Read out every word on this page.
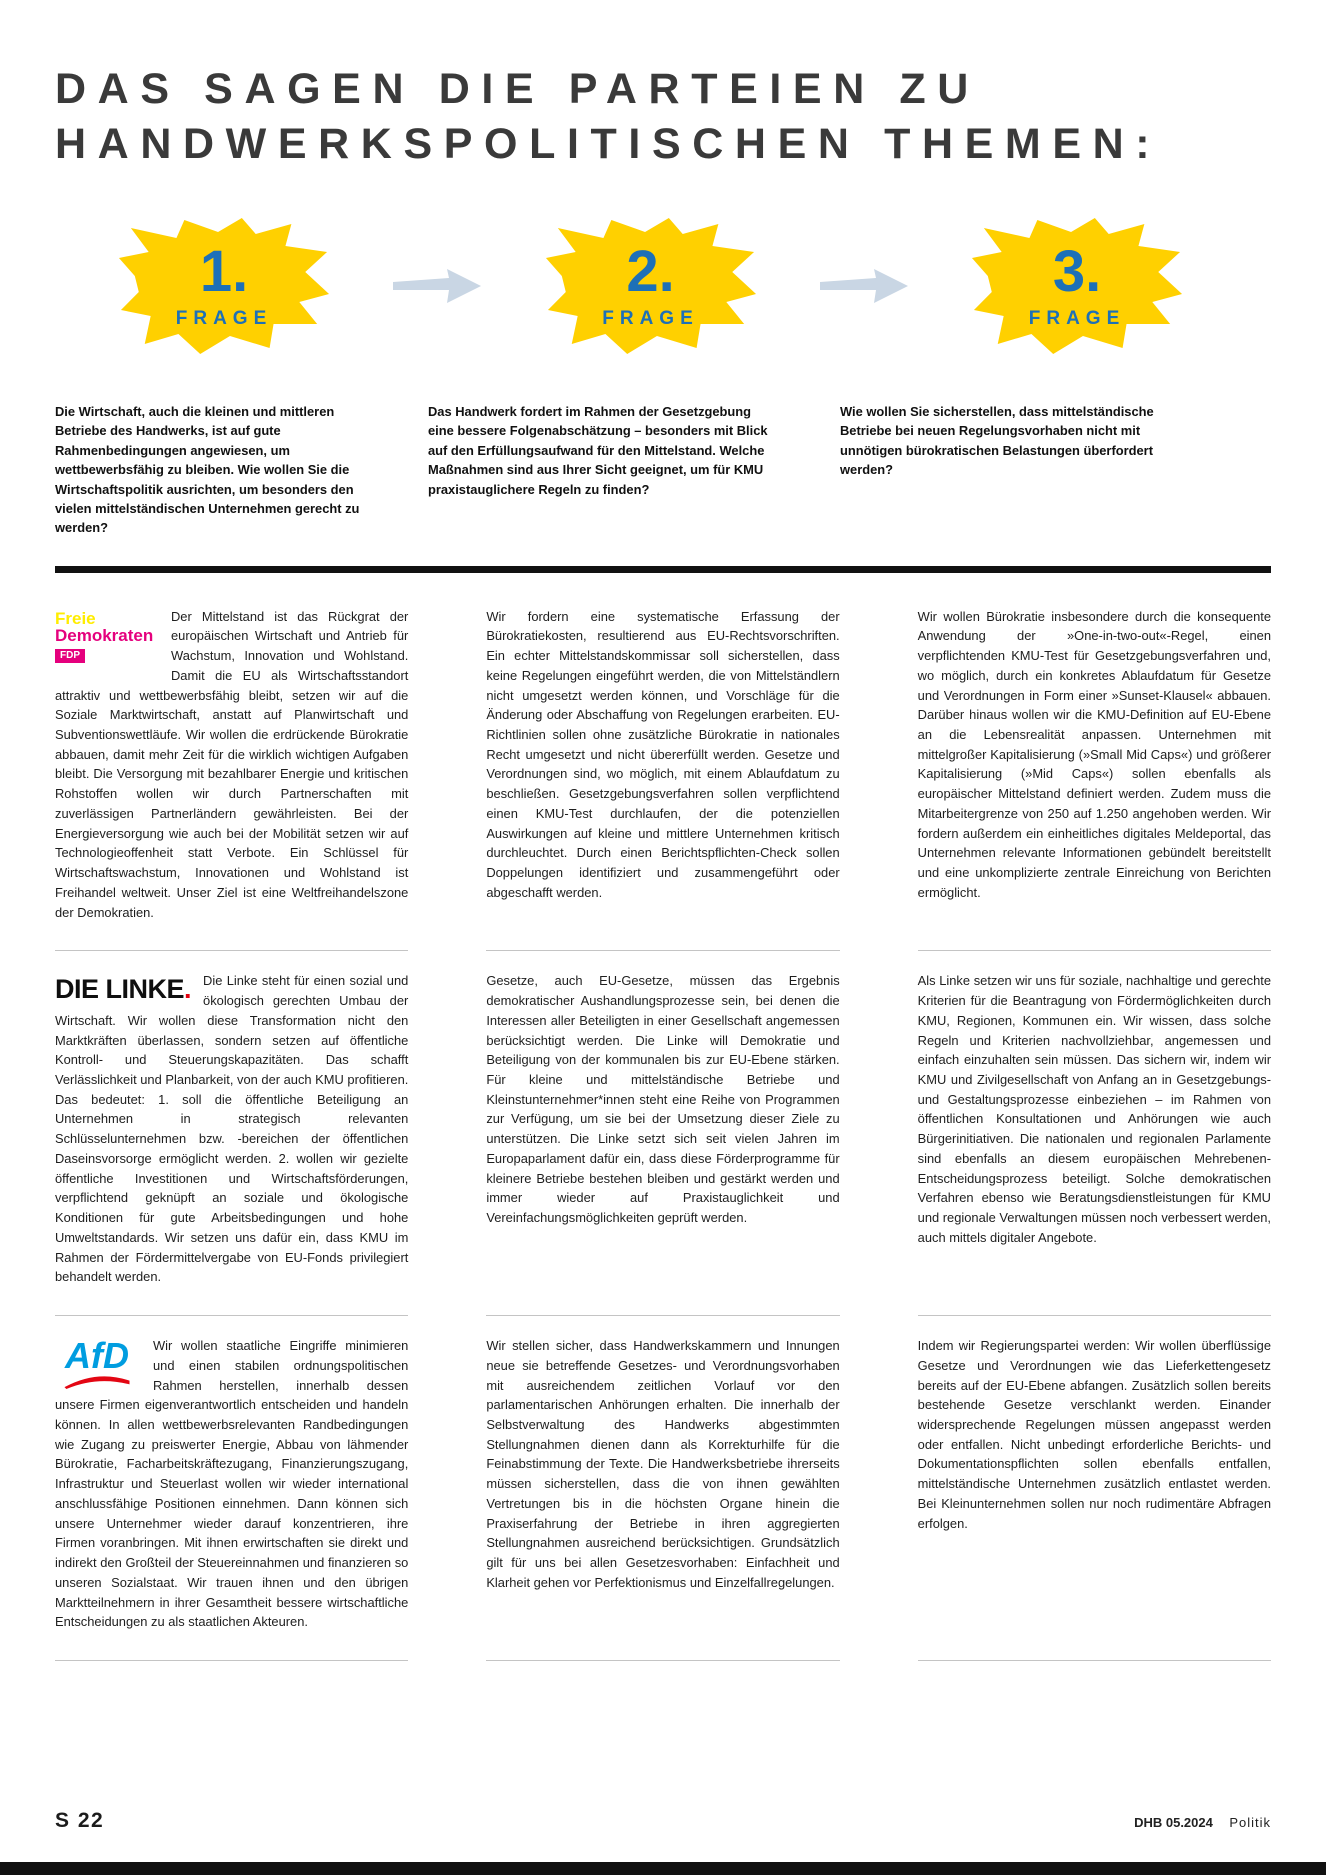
DAS SAGEN DIE PARTEIEN ZU
HANDWERKSPOLITISCHEN THEMEN:
1.
FRAGE
2.
FRAGE
3.
FRAGE

Die Wirtschaft, auch die kleinen und mittleren Betriebe des Handwerks, ist auf gute Rahmenbedingungen angewiesen, um wettbewerbsfähig zu bleiben. Wie wollen Sie die Wirtschaftspolitik ausrichten, um besonders den vielen mittelständischen Unternehmen gerecht zu werden?

Das Handwerk fordert im Rahmen der Gesetzgebung eine bessere Folgenabschätzung – besonders mit Blick auf den Erfüllungsaufwand für den Mittelstand. Welche Maßnahmen sind aus Ihrer Sicht geeignet, um für KMU praxistauglichere Regeln zu finden?

Wie wollen Sie sicherstellen, dass mittelständische Betriebe bei neuen Regelungsvorhaben nicht mit unnötigen bürokratischen Belastungen überfordert werden?

Freie
Demokraten
FDP

Der Mittelstand ist das Rückgrat der europäischen Wirtschaft und Antrieb für Wachstum, Innovation und Wohlstand. Damit die EU als Wirtschaftsstandort attraktiv und wettbewerbsfähig bleibt, setzen wir auf die Soziale Marktwirtschaft, anstatt auf Planwirtschaft und Subventionswettläufe. Wir wollen die erdrückende Bürokratie abbauen, damit mehr Zeit für die wirklich wichtigen Aufgaben bleibt. Die Versorgung mit bezahlbarer Energie und kritischen Rohstoffen wollen wir durch Partnerschaften mit zuverlässigen Partnerländern gewährleisten. Bei der Energieversorgung wie auch bei der Mobilität setzen wir auf Technologieoffenheit statt Verbote. Ein Schlüssel für Wirtschaftswachstum, Innovationen und Wohlstand ist Freihandel weltweit. Unser Ziel ist eine Weltfreihandelszone der Demokratien.

Wir fordern eine systematische Erfassung der Bürokratiekosten, resultierend aus EU-Rechtsvorschriften. Ein echter Mittelstandskommissar soll sicherstellen, dass keine Regelungen eingeführt werden, die von Mittelständlern nicht umgesetzt werden können, und Vorschläge für die Änderung oder Abschaffung von Regelungen erarbeiten. EU-Richtlinien sollen ohne zusätzliche Bürokratie in nationales Recht umgesetzt und nicht übererfüllt werden. Gesetze und Verordnungen sind, wo möglich, mit einem Ablaufdatum zu beschließen. Gesetzgebungsverfahren sollen verpflichtend einen KMU-Test durchlaufen, der die potenziellen Auswirkungen auf kleine und mittlere Unternehmen kritisch durchleuchtet. Durch einen Berichtspflichten-Check sollen Doppelungen identifiziert und zusammengeführt oder abgeschafft werden.

Wir wollen Bürokratie insbesondere durch die konsequente Anwendung der »One-in-two-out«-Regel, einen verpflichtenden KMU-Test für Gesetzgebungsverfahren und, wo möglich, durch ein konkretes Ablaufdatum für Gesetze und Verordnungen in Form einer »Sunset-Klausel« abbauen. Darüber hinaus wollen wir die KMU-Definition auf EU-Ebene an die Lebensrealität anpassen. Unternehmen mit mittelgroßer Kapitalisierung (»Small Mid Caps«) und größerer Kapitalisierung (»Mid Caps«) sollen ebenfalls als europäischer Mittelstand definiert werden. Zudem muss die Mitarbeitergrenze von 250 auf 1.250 angehoben werden. Wir fordern außerdem ein einheitliches digitales Meldeportal, das Unternehmen relevante Informationen gebündelt bereitstellt und eine unkomplizierte zentrale Einreichung von Berichten ermöglicht.

DIE LINKE. Die Linke steht für einen sozial und ökologisch gerechten Umbau der Wirtschaft. Wir wollen diese Transformation nicht den Marktkräften überlassen, sondern setzen auf öffentliche Kontroll- und Steuerungskapazitäten. Das schafft Verlässlichkeit und Planbarkeit, von der auch KMU profitieren. Das bedeutet: 1. soll die öffentliche Beteiligung an Unternehmen in strategisch relevanten Schlüsselunternehmen bzw. -bereichen der öffentlichen Daseinsvorsorge ermöglicht werden. 2. wollen wir gezielte öffentliche Investitionen und Wirtschaftsförderungen, verpflichtend geknüpft an soziale und ökologische Konditionen für gute Arbeitsbedingungen und hohe Umweltstandards. Wir setzen uns dafür ein, dass KMU im Rahmen der Fördermittelvergabe von EU-Fonds privilegiert behandelt werden.

Gesetze, auch EU-Gesetze, müssen das Ergebnis demokratischer Aushandlungsprozesse sein, bei denen die Interessen aller Beteiligten in einer Gesellschaft angemessen berücksichtigt werden. Die Linke will Demokratie und Beteiligung von der kommunalen bis zur EU-Ebene stärken. Für kleine und mittelständische Betriebe und Kleinstunternehmer*innen steht eine Reihe von Programmen zur Verfügung, um sie bei der Umsetzung dieser Ziele zu unterstützen. Die Linke setzt sich seit vielen Jahren im Europaparlament dafür ein, dass diese Förderprogramme für kleinere Betriebe bestehen bleiben und gestärkt werden und immer wieder auf Praxistauglichkeit und Vereinfachungsmöglichkeiten geprüft werden.

Als Linke setzen wir uns für soziale, nachhaltige und gerechte Kriterien für die Beantragung von Fördermöglichkeiten durch KMU, Regionen, Kommunen ein. Wir wissen, dass solche Regeln und Kriterien nachvollziehbar, angemessen und einfach einzuhalten sein müssen. Das sichern wir, indem wir KMU und Zivilgesellschaft von Anfang an in Gesetzgebungs- und Gestaltungsprozesse einbeziehen – im Rahmen von öffentlichen Konsultationen und Anhörungen wie auch Bürgerinitiativen. Die nationalen und regionalen Parlamente sind ebenfalls an diesem europäischen Mehrebenen-Entscheidungsprozess beteiligt. Solche demokratischen Verfahren ebenso wie Beratungsdienstleistungen für KMU und regionale Verwaltungen müssen noch verbessert werden, auch mittels digitaler Angebote.

AfD	Wir wollen staatliche Eingriffe minimieren und einen stabilen ordnungspolitischen Rahmen herstellen, innerhalb dessen unsere Firmen eigenverantwortlich entscheiden und handeln können. In allen wettbewerbsrelevanten Randbedingungen wie Zugang zu preiswerter Energie, Abbau von lähmender Bürokratie, Facharbeitskräftezugang, Finanzierungszugang, Infrastruktur und Steuerlast wollen wir wieder international anschlussfähige Positionen einnehmen. Dann können sich unsere Unternehmer wieder darauf konzentrieren, ihre Firmen voranbringen. Mit ihnen erwirtschaften sie direkt und indirekt den Großteil der Steuereinnahmen und finanzieren so unseren Sozialstaat. Wir trauen ihnen und den übrigen Marktteilnehmern in ihrer Gesamtheit bessere wirtschaftliche Entscheidungen zu als staatlichen Akteuren.

Wir stellen sicher, dass Handwerkskammern und Innungen neue sie betreffende Gesetzes- und Verordnungsvorhaben mit ausreichendem zeitlichen Vorlauf vor den parlamentarischen Anhörungen erhalten. Die innerhalb der Selbstverwaltung des Handwerks abgestimmten Stellungnahmen dienen dann als Korrekturhilfe für die Feinabstimmung der Texte. Die Handwerksbetriebe ihrerseits müssen sicherstellen, dass die von ihnen gewählten Vertretungen bis in die höchsten Organe hinein die Praxiserfahrung der Betriebe in ihren aggregierten Stellungnahmen ausreichend berücksichtigen. Grundsätzlich gilt für uns bei allen Gesetzesvorhaben: Einfachheit und Klarheit gehen vor Perfektionismus und Einzelfallregelungen.

Indem wir Regierungspartei werden: Wir wollen überflüssige Gesetze und Verordnungen wie das Lieferkettengesetz bereits auf der EU-Ebene abfangen. Zusätzlich sollen bereits bestehende Gesetze verschlankt werden. Einander widersprechende Regelungen müssen angepasst werden oder entfallen. Nicht unbedingt erforderliche Berichts- und Dokumentationspflichten sollen ebenfalls entfallen, mittelständische Unternehmen zusätzlich entlastet werden. Bei Kleinunternehmen sollen nur noch rudimentäre Abfragen erfolgen.

S 22	DHB 05.2024 Politik
